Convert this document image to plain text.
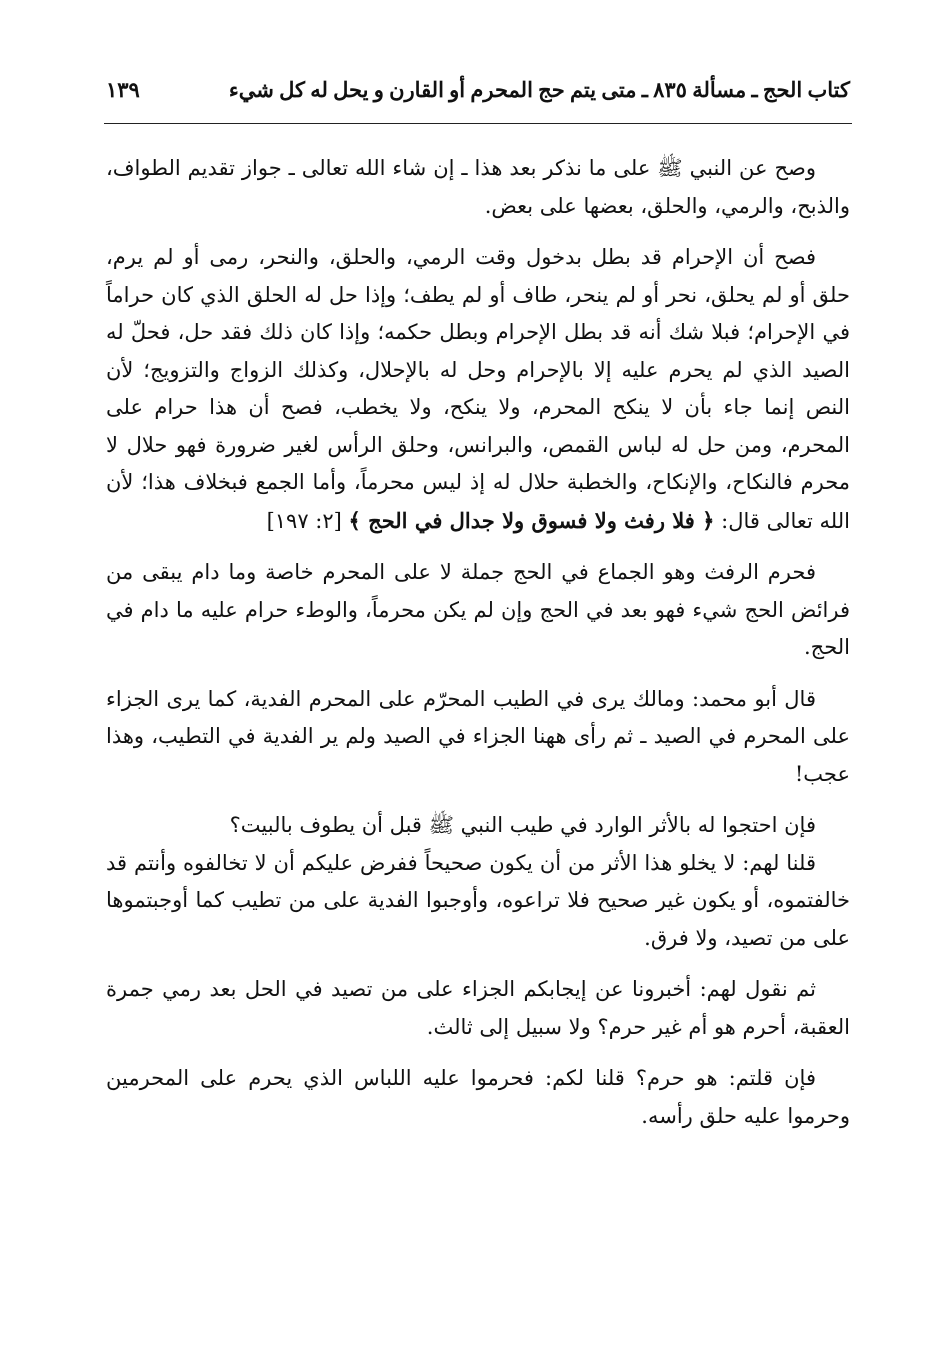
كتاب الحج ـ مسألة ٨٣٥ ـ متى يتم حج المحرم أو القارن و يحل له كل شيء
١٣٩

وصح عن النبي ﷺ على ما نذكر بعد هذا ـ إن شاء الله تعالى ـ جواز تقديم الطواف، والذبح، والرمي، والحلق، بعضها على بعض.

فصح أن الإحرام قد بطل بدخول وقت الرمي، والحلق، والنحر، رمى أو لم يرم، حلق أو لم يحلق، نحر أو لم ينحر، طاف أو لم يطف؛ وإذا حل له الحلق الذي كان حراماً في الإحرام؛ فبلا شك أنه قد بطل الإحرام وبطل حكمه؛ وإذا كان ذلك فقد حل، فحلّ له الصيد الذي لم يحرم عليه إلا بالإحرام وحل له بالإحلال، وكذلك الزواج والتزويج؛ لأن النص إنما جاء بأن لا ينكح المحرم، ولا ينكح، ولا يخطب، فصح أن هذا حرام على المحرم، ومن حل له لباس القمص، والبرانس، وحلق الرأس لغير ضرورة فهو حلال لا محرم فالنكاح، والإنكاح، والخطبة حلال له إذ ليس محرماً، وأما الجمع فبخلاف هذا؛ لأن الله تعالى قال: ﴿ فلا رفث ولا فسوق ولا جدال في الحج ﴾ [٢: ١٩٧]

فحرم الرفث وهو الجماع في الحج جملة لا على المحرم خاصة وما دام يبقى من فرائض الحج شيء فهو بعد في الحج وإن لم يكن محرماً، والوطء حرام عليه ما دام في الحج.

قال أبو محمد: ومالك يرى في الطيب المحرّم على المحرم الفدية، كما يرى الجزاء على المحرم في الصيد ـ ثم رأى ههنا الجزاء في الصيد ولم ير الفدية في التطيب، وهذا عجب!

فإن احتجوا له بالأثر الوارد في طيب النبي ﷺ قبل أن يطوف بالبيت؟

قلنا لهم: لا يخلو هذا الأثر من أن يكون صحيحاً ففرض عليكم أن لا تخالفوه وأنتم قد خالفتموه، أو يكون غير صحيح فلا تراعوه، وأوجبوا الفدية على من تطيب كما أوجبتموها على من تصيد، ولا فرق.

ثم نقول لهم: أخبرونا عن إيجابكم الجزاء على من تصيد في الحل بعد رمي جمرة العقبة، أحرم هو أم غير حرم؟ ولا سبيل إلى ثالث.

فإن قلتم: هو حرم؟ قلنا لكم: فحرموا عليه اللباس الذي يحرم على المحرمين وحرموا عليه حلق رأسه.
